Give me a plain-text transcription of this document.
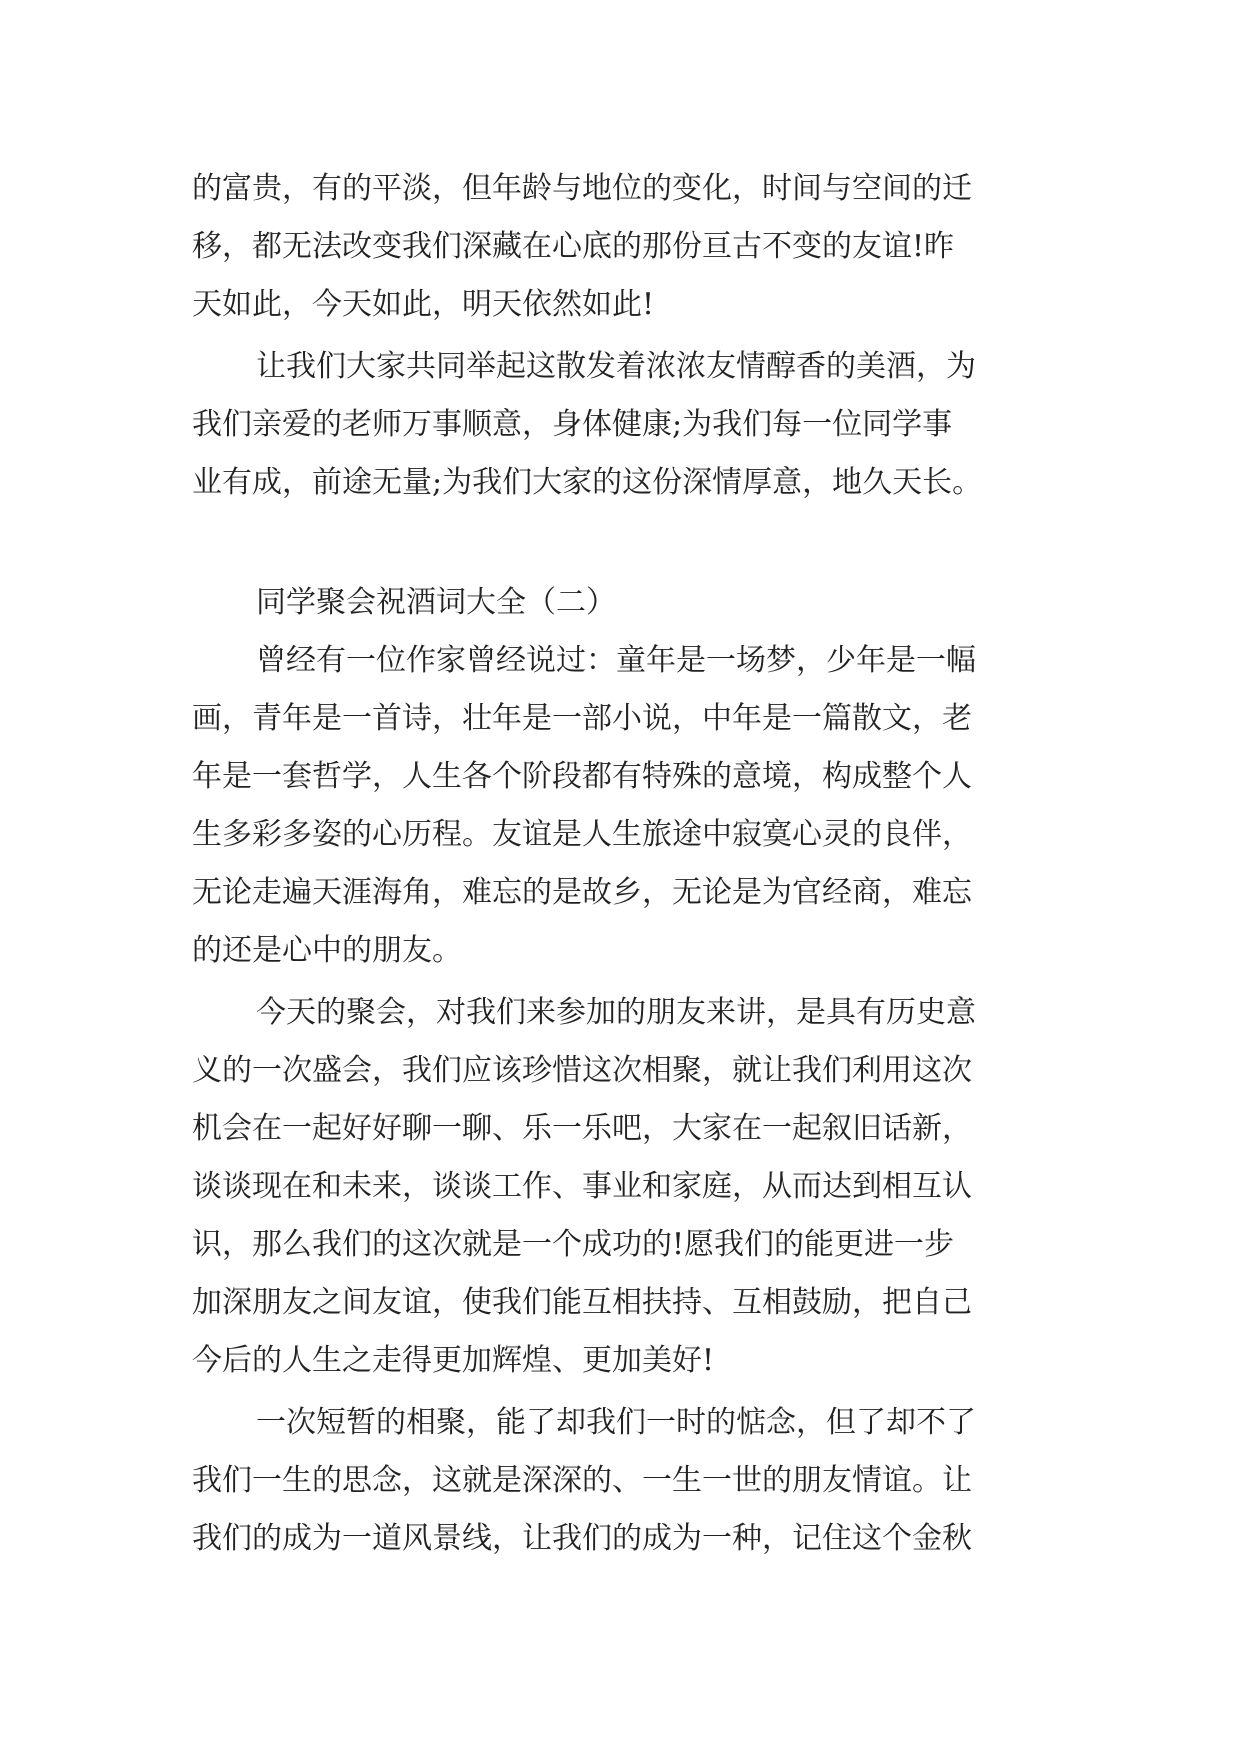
的富贵，有的平淡，但年龄与地位的变化，时间与空间的迁
移，都无法改变我们深藏在心底的那份亘古不变的友谊!昨
天如此，今天如此，明天依然如此!
让我们大家共同举起这散发着浓浓友情醇香的美酒，为
我们亲爱的老师万事顺意，身体健康;为我们每一位同学事
业有成，前途无量;为我们大家的这份深情厚意，地久天长。
同学聚会祝酒词大全（二）
曾经有一位作家曾经说过：童年是一场梦，少年是一幅
画，青年是一首诗，壮年是一部小说，中年是一篇散文，老
年是一套哲学，人生各个阶段都有特殊的意境，构成整个人
生多彩多姿的心历程。友谊是人生旅途中寂寞心灵的良伴，
无论走遍天涯海角，难忘的是故乡，无论是为官经商，难忘
的还是心中的朋友。
今天的聚会，对我们来参加的朋友来讲，是具有历史意
义的一次盛会，我们应该珍惜这次相聚，就让我们利用这次
机会在一起好好聊一聊、乐一乐吧，大家在一起叙旧话新，
谈谈现在和未来，谈谈工作、事业和家庭，从而达到相互认
识，那么我们的这次就是一个成功的!愿我们的能更进一步
加深朋友之间友谊，使我们能互相扶持、互相鼓励，把自己
今后的人生之走得更加辉煌、更加美好!
一次短暂的相聚，能了却我们一时的惦念，但了却不了
我们一生的思念，这就是深深的、一生一世的朋友情谊。让
我们的成为一道风景线，让我们的成为一种，记住这个金秋
